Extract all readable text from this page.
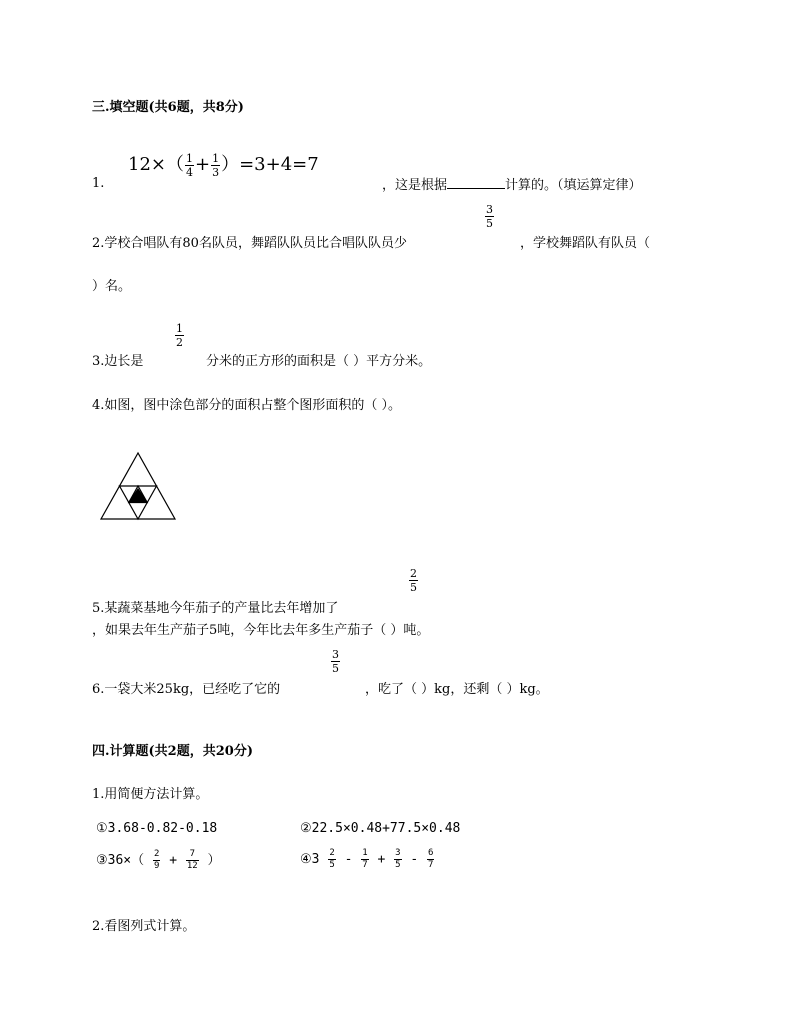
三.填空题(共6题，共8分)
$12\times( \frac{1}{4} + \frac{1}{3} )=3+4=7$
1.	，这是根据	计算的。（填运算定律）
2.学校合唱队有80名队员，舞蹈队队员比合唱队队员少
$\frac{3}{5}$
，学校舞蹈队有队员（
）名。
3.边长是
$\frac{1}{2}$
分米的正方形的面积是（ ）平方分米。
4.如图，图中涂色部分的面积占整个图形面积的（ ）。
5.某蔬菜基地今年茄子的产量比去年增加了
$\frac{2}{5}$
，如果去年生产茄子5吨，今年比去年多生产茄子（ ）吨。
6.一袋大米25kg，已经吃了它的
$\frac{3}{5}$
，吃了（ ）kg，还剩（ ）kg。
四.计算题(共2题，共20分)
1.用简便方法计算。
①3.68-0.82-0.18	②22.5×0.48+77.5×0.48
③36×（ $\frac{2}{9} + \frac{7}{12}$ ）	④3 $\frac{2}{5} - \frac{1}{7} + \frac{3}{5} - \frac{6}{7}$
2.看图列式计算。
